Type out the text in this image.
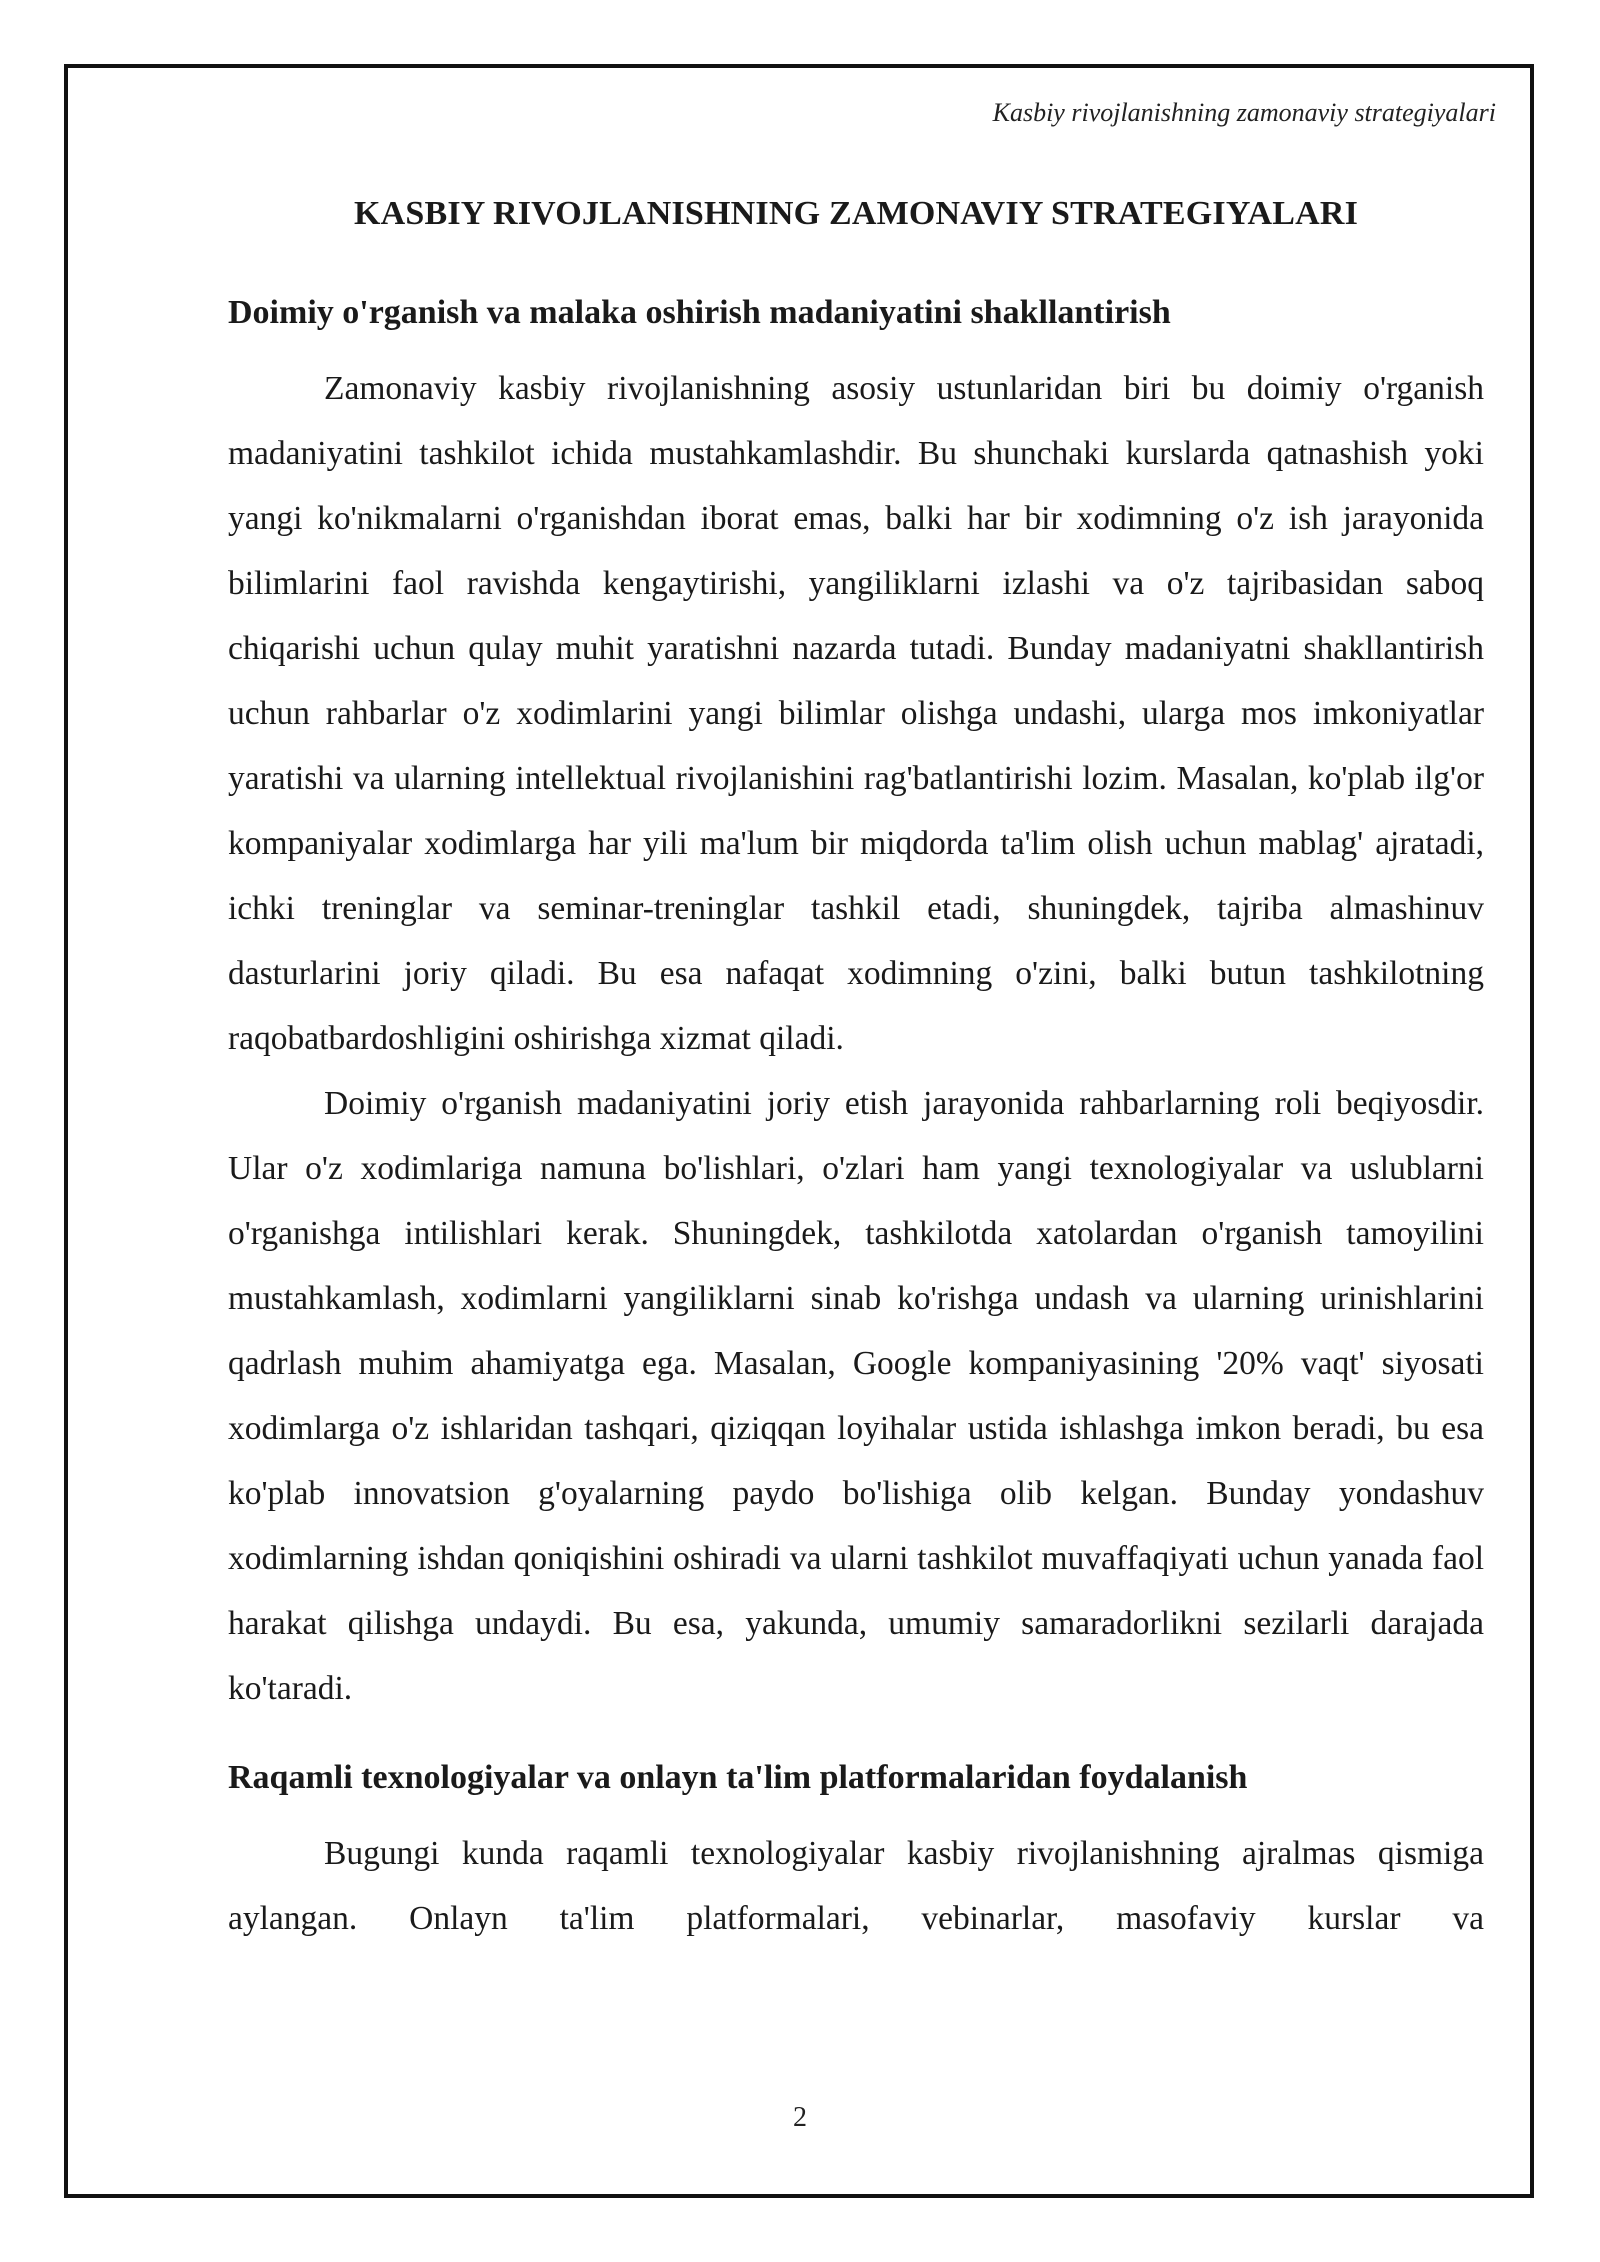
Kasbiy rivojlanishning zamonaviy strategiyalari
KASBIY RIVOJLANISHNING ZAMONAVIY STRATEGIYALARI
Doimiy o'rganish va malaka oshirish madaniyatini shakllantirish

Zamonaviy kasbiy rivojlanishning asosiy ustunlaridan biri bu doimiy o'rganish madaniyatini tashkilot ichida mustahkamlashdir. Bu shunchaki kurslarda qatnashish yoki yangi ko'nikmalarni o'rganishdan iborat emas, balki har bir xodimning o'z ish jarayonida bilimlarini faol ravishda kengaytirishi, yangiliklarni izlashi va o'z tajribasidan saboq chiqarishi uchun qulay muhit yaratishni nazarda tutadi. Bunday madaniyatni shakllantirish uchun rahbarlar o'z xodimlarini yangi bilimlar olishga undashi, ularga mos imkoniyatlar yaratishi va ularning intellektual rivojlanishini rag'batlantirishi lozim. Masalan, ko'plab ilg'or kompaniyalar xodimlarga har yili ma'lum bir miqdorda ta'lim olish uchun mablag' ajratadi, ichki treninglar va seminar-treninglar tashkil etadi, shuningdek, tajriba almashinuv dasturlarini joriy qiladi. Bu esa nafaqat xodimning o'zini, balki butun tashkilotning raqobatbardoshligini oshirishga xizmat qiladi.

Doimiy o'rganish madaniyatini joriy etish jarayonida rahbarlarning roli beqiyosdir. Ular o'z xodimlariga namuna bo'lishlari, o'zlari ham yangi texnologiyalar va uslublarni o'rganishga intilishlari kerak. Shuningdek, tashkilotda xatolardan o'rganish tamoyilini mustahkamlash, xodimlarni yangiliklarni sinab ko'rishga undash va ularning urinishlarini qadrlash muhim ahamiyatga ega. Masalan, Google kompaniyasining '20% vaqt' siyosati xodimlarga o'z ishlaridan tashqari, qiziqqan loyihalar ustida ishlashga imkon beradi, bu esa ko'plab innovatsion g'oyalarning paydo bo'lishiga olib kelgan. Bunday yondashuv xodimlarning ishdan qoniqishini oshiradi va ularni tashkilot muvaffaqiyati uchun yanada faol harakat qilishga undaydi. Bu esa, yakunda, umumiy samaradorlikni sezilarli darajada ko'taradi.

Raqamli texnologiyalar va onlayn ta'lim platformalaridan foydalanish

Bugungi kunda raqamli texnologiyalar kasbiy rivojlanishning ajralmas qismiga aylangan. Onlayn ta'lim platformalari, vebinarlar, masofaviy kurslar va

2
